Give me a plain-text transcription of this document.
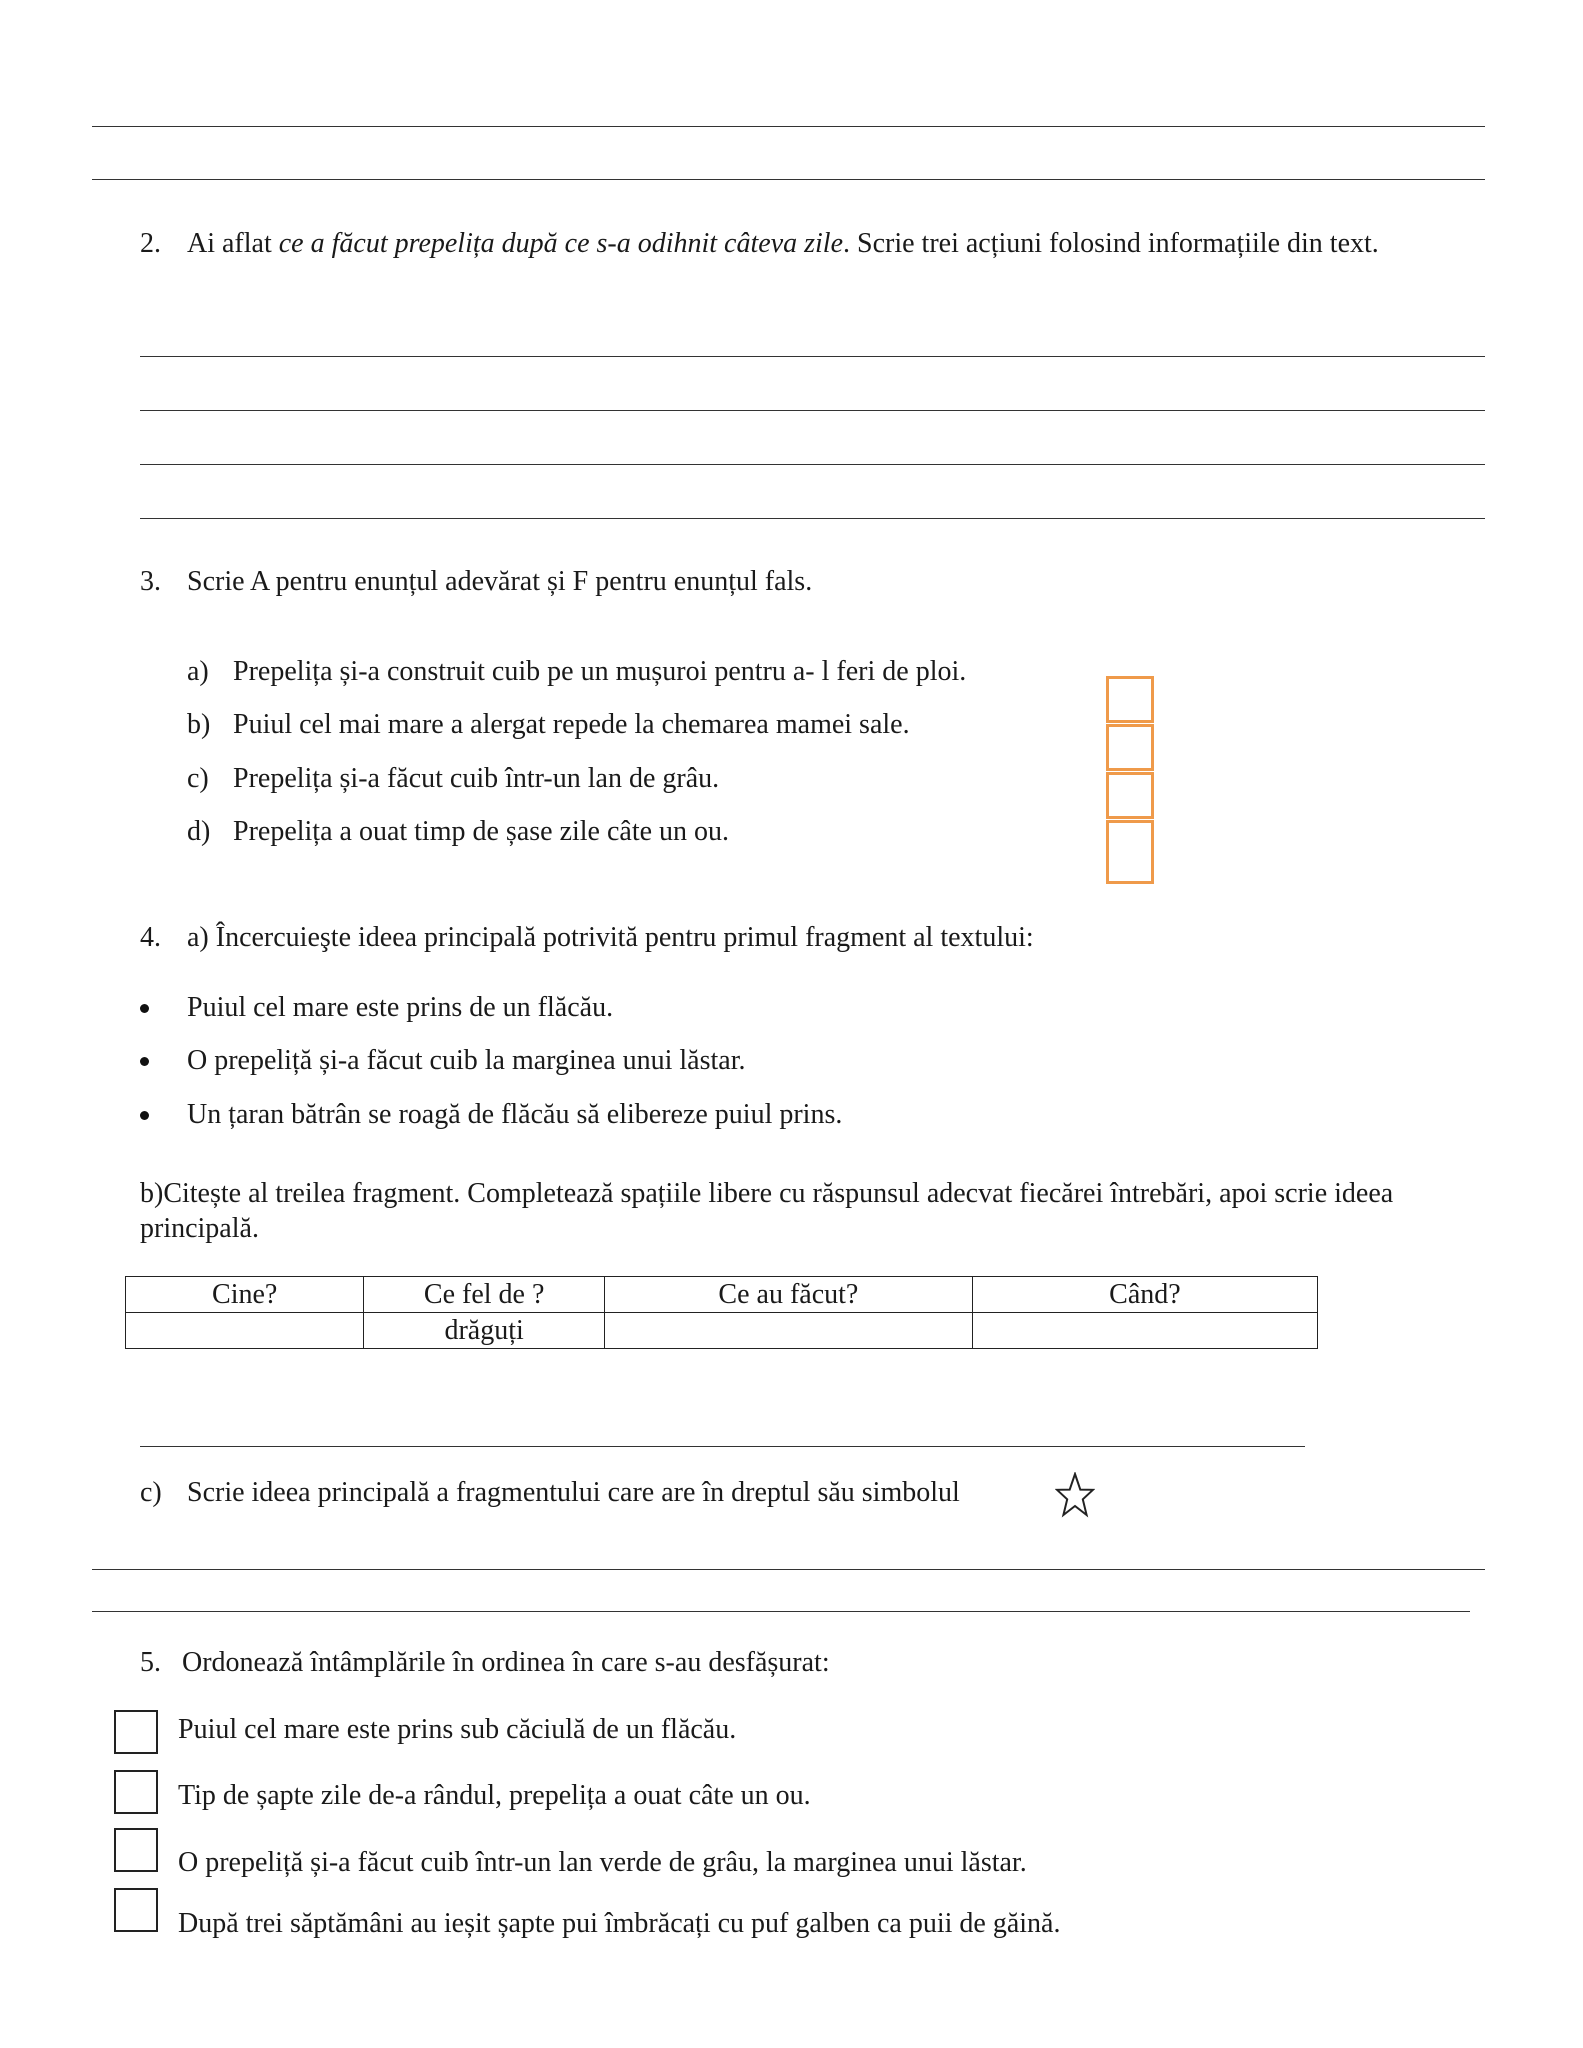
2. Ai aflat ce a făcut prepelița după ce s-a odihnit câteva zile. Scrie trei acțiuni folosind informațiile din text.
3. Scrie A pentru enunțul adevărat și F pentru enunțul fals.
a) Prepelița și-a construit cuib pe un mușuroi pentru a- l feri de ploi.
b) Puiul cel mai mare a alergat repede la chemarea mamei sale.
c) Prepelița și-a făcut cuib într-un lan de grâu.
d) Prepelița a ouat timp de șase zile câte un ou.
4. a) Încercuieşte ideea principală potrivită pentru primul fragment al textului:
Puiul cel mare este prins de un flăcău.
O prepeliță și-a făcut cuib la marginea unui lăstar.
Un țaran bătrân se roagă de flăcău să elibereze puiul prins.
b)Citește al treilea fragment. Completează spațiile libere cu răspunsul adecvat fiecărei întrebări, apoi scrie ideea principală.
Cine?	Ce fel de ?	Ce au făcut?	Când?
	drăguți		
c) Scrie ideea principală a fragmentului care are în dreptul său simbolul
5. Ordonează întâmplările în ordinea în care s-au desfășurat:
Puiul cel mare este prins sub căciulă de un flăcău.
Tip de șapte zile de-a rândul, prepelița a ouat câte un ou.
O prepeliță și-a făcut cuib într-un lan verde de grâu, la marginea unui lăstar.
După trei săptămâni au ieșit șapte pui îmbrăcați cu puf galben ca puii de găină.
